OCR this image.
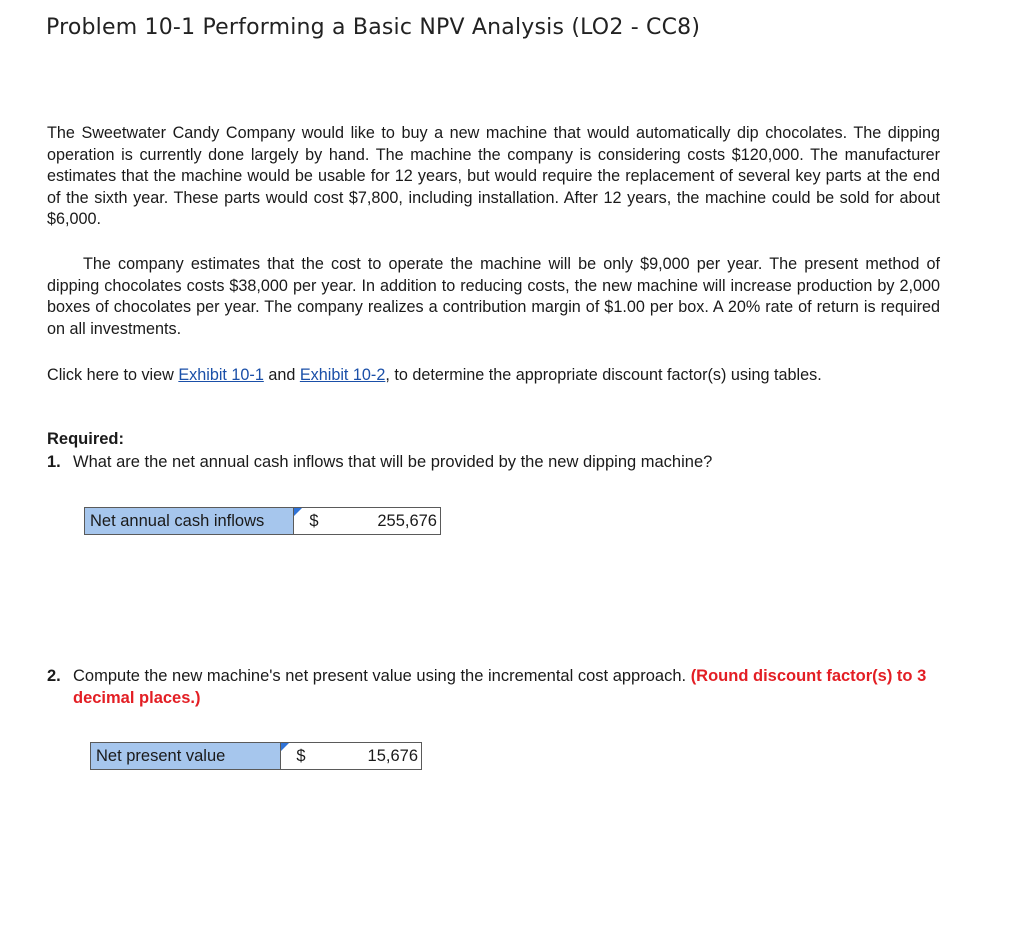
Problem 10-1 Performing a Basic NPV Analysis (LO2 - CC8)

The Sweetwater Candy Company would like to buy a new machine that would automatically dip chocolates. The dipping operation is currently done largely by hand. The machine the company is considering costs $120,000. The manufacturer estimates that the machine would be usable for 12 years, but would require the replacement of several key parts at the end of the sixth year. These parts would cost $7,800, including installation. After 12 years, the machine could be sold for about $6,000.

The company estimates that the cost to operate the machine will be only $9,000 per year. The present method of dipping chocolates costs $38,000 per year. In addition to reducing costs, the new machine will increase production by 2,000 boxes of chocolates per year. The company realizes a contribution margin of $1.00 per box. A 20% rate of return is required on all investments.

Click here to view Exhibit 10-1 and Exhibit 10-2, to determine the appropriate discount factor(s) using tables.

Required:

1. What are the net annual cash inflows that will be provided by the new dipping machine?

Net annual cash inflows	$	255,676

2. Compute the new machine's net present value using the incremental cost approach. (Round discount factor(s) to 3 decimal places.)

Net present value	$	15,676
